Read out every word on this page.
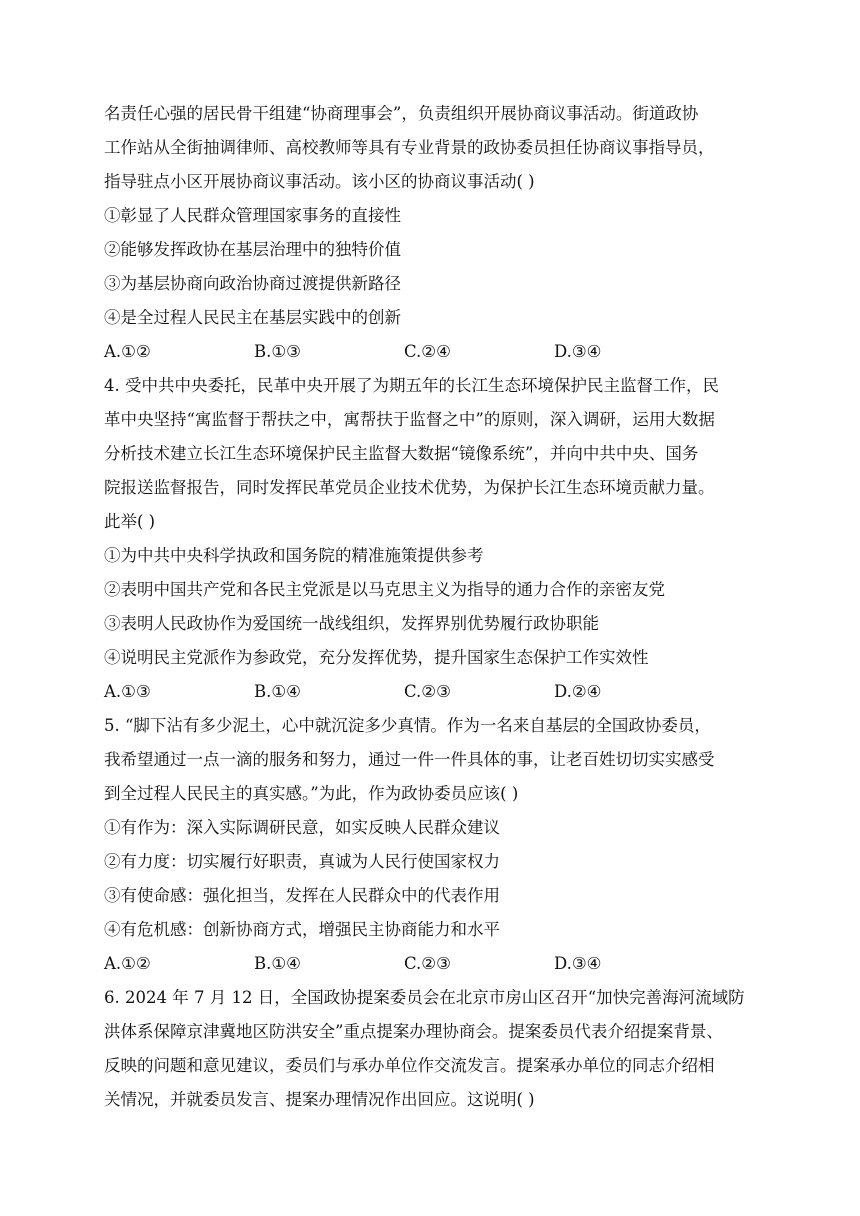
名责任心强的居民骨干组建“协商理事会”，负责组织开展协商议事活动。街道政协
工作站从全街抽调律师、高校教师等具有专业背景的政协委员担任协商议事指导员，
指导驻点小区开展协商议事活动。该小区的协商议事活动( )
①彰显了人民群众管理国家事务的直接性
②能够发挥政协在基层治理中的独特价值
③为基层协商向政治协商过渡提供新路径
④是全过程人民民主在基层实践中的创新
A.①②	B.①③	C.②④	D.③④
4. 受中共中央委托，民革中央开展了为期五年的长江生态环境保护民主监督工作，民
革中央坚持“寓监督于帮扶之中，寓帮扶于监督之中”的原则，深入调研，运用大数据
分析技术建立长江生态环境保护民主监督大数据“镜像系统”，并向中共中央、国务
院报送监督报告，同时发挥民革党员企业技术优势，为保护长江生态环境贡献力量。
此举( )
①为中共中央科学执政和国务院的精准施策提供参考
②表明中国共产党和各民主党派是以马克思主义为指导的通力合作的亲密友党
③表明人民政协作为爱国统一战线组织，发挥界别优势履行政协职能
④说明民主党派作为参政党，充分发挥优势，提升国家生态保护工作实效性
A.①③	B.①④	C.②③	D.②④
5. “脚下沾有多少泥土，心中就沉淀多少真情。作为一名来自基层的全国政协委员，
我希望通过一点一滴的服务和努力，通过一件一件具体的事，让老百姓切切实实感受
到全过程人民民主的真实感。”为此，作为政协委员应该( )
①有作为：深入实际调研民意，如实反映人民群众建议
②有力度：切实履行好职责，真诚为人民行使国家权力
③有使命感：强化担当，发挥在人民群众中的代表作用
④有危机感：创新协商方式，增强民主协商能力和水平
A.①②	B.①④	C.②③	D.③④
6. 2024 年 7 月 12 日，全国政协提案委员会在北京市房山区召开“加快完善海河流域防
洪体系保障京津冀地区防洪安全”重点提案办理协商会。提案委员代表介绍提案背景、
反映的问题和意见建议，委员们与承办单位作交流发言。提案承办单位的同志介绍相
关情况，并就委员发言、提案办理情况作出回应。这说明( )
